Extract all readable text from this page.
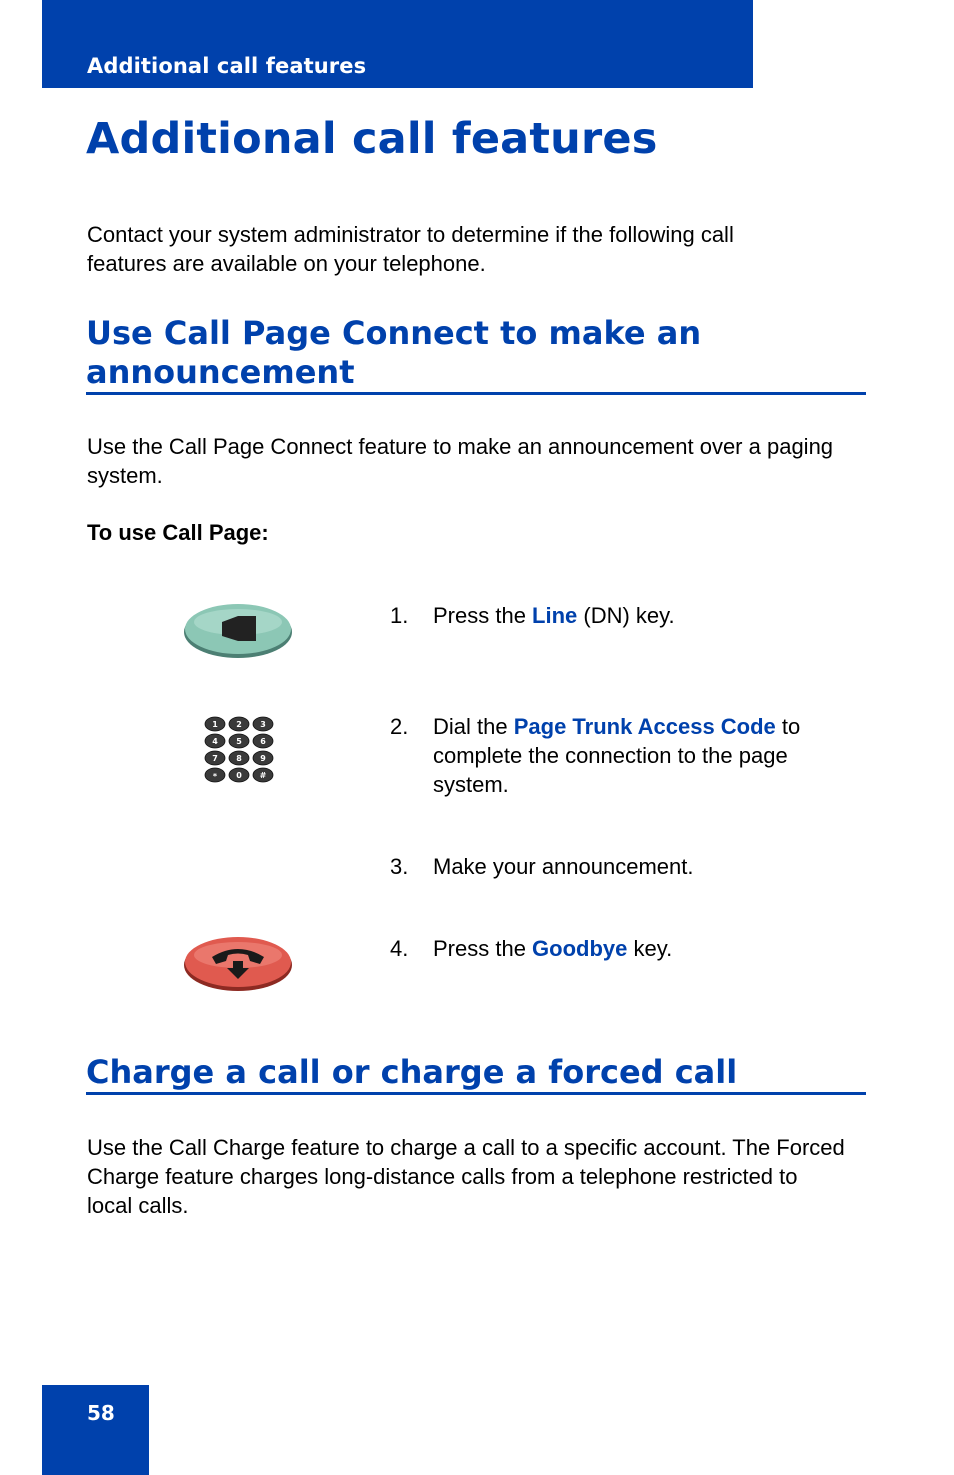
Additional call features
Additional call features

Contact your system administrator to determine if the following call features are available on your telephone.

Use Call Page Connect to make an announcement

Use the Call Page Connect feature to make an announcement over a paging system.

To use Call Page:

1. Press the Line (DN) key.
1 2 3
4 5 6
7 8 9
* 0 #
2. Dial the Page Trunk Access Code to complete the connection to the page system.
3. Make your announcement.
4. Press the Goodbye key.
Charge a call or charge a forced call

Use the Call Charge feature to charge a call to a specific account. The Forced Charge feature charges long-distance calls from a telephone restricted to local calls.

58
